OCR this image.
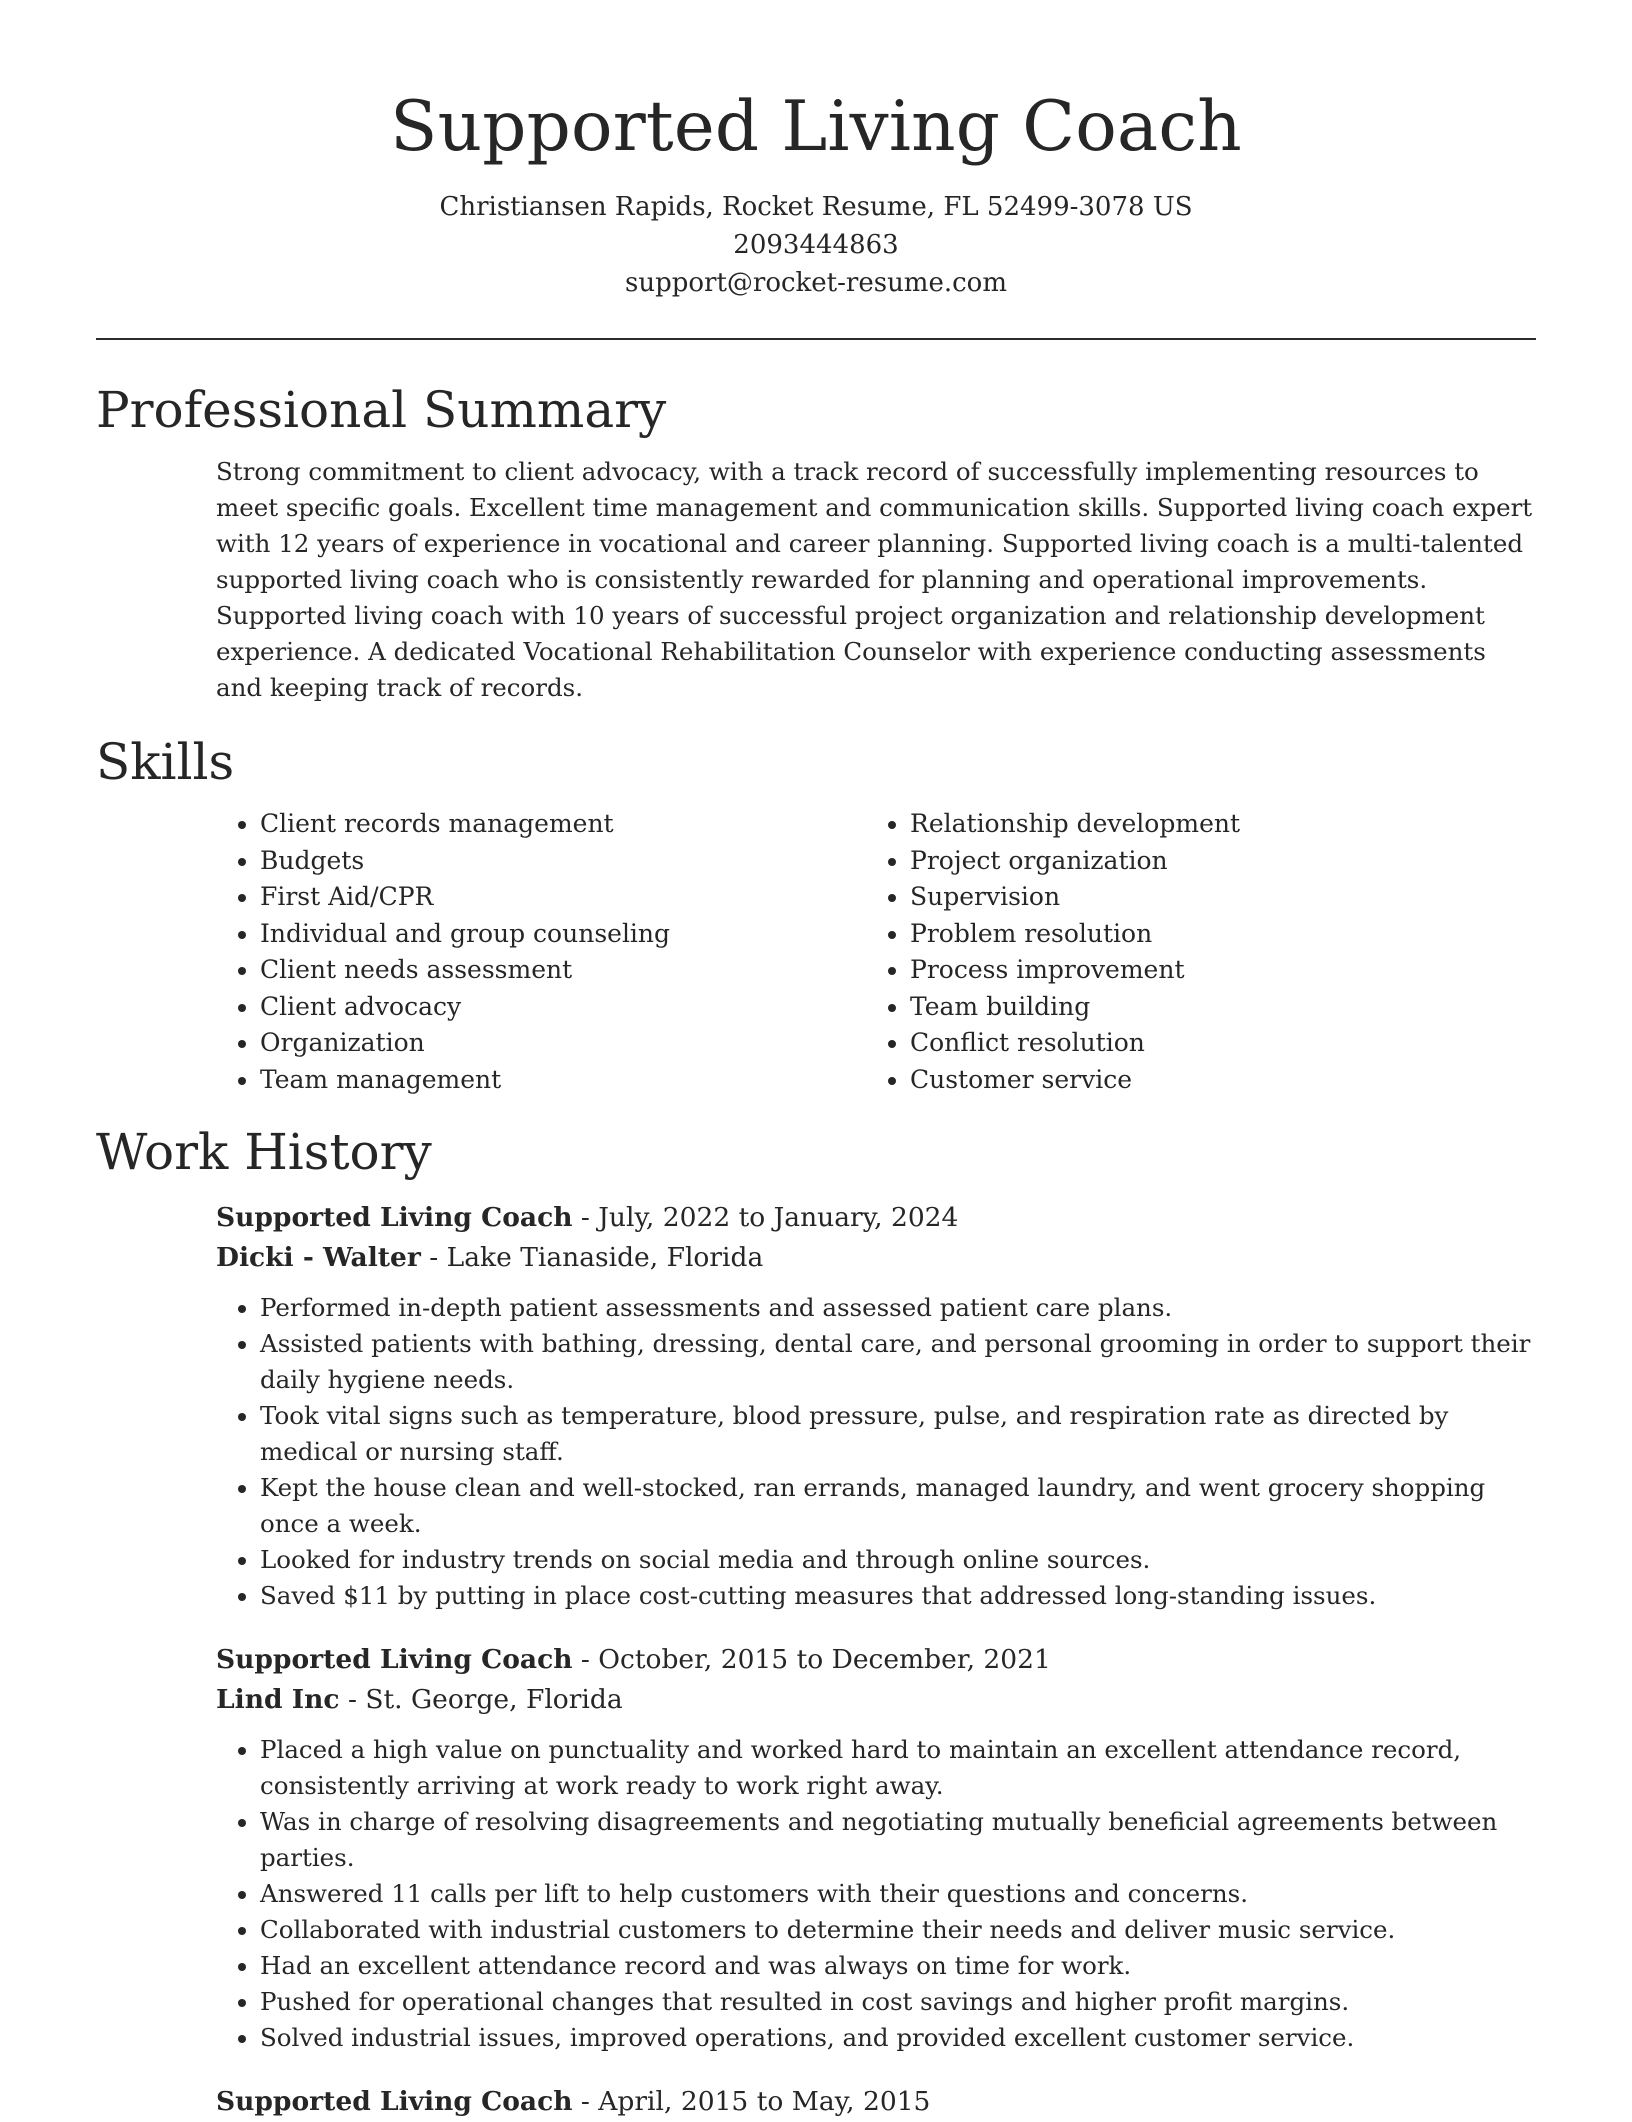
Supported Living Coach

Christiansen Rapids, Rocket Resume, FL 52499-3078 US

2093444863

support@rocket-resume.com

Professional Summary

Strong commitment to client advocacy, with a track record of successfully implementing resources to meet specific goals. Excellent time management and communication skills. Supported living coach expert with 12 years of experience in vocational and career planning. Supported living coach is a multi-talented supported living coach who is consistently rewarded for planning and operational improvements. Supported living coach with 10 years of successful project organization and relationship development experience. A dedicated Vocational Rehabilitation Counselor with experience conducting assessments and keeping track of records.

Skills
• Client records management
• Budgets
• First Aid/CPR
• Individual and group counseling
• Client needs assessment
• Client advocacy
• Organization
• Team management
• Relationship development
• Project organization
• Supervision
• Problem resolution
• Process improvement
• Team building
• Conflict resolution
• Customer service
Work History

Supported Living Coach - July, 2022 to January, 2024

Dicki - Walter - Lake Tianaside, Florida

• Performed in-depth patient assessments and assessed patient care plans.
• Assisted patients with bathing, dressing, dental care, and personal grooming in order to support their daily hygiene needs.
• Took vital signs such as temperature, blood pressure, pulse, and respiration rate as directed by medical or nursing staff.
• Kept the house clean and well-stocked, ran errands, managed laundry, and went grocery shopping once a week.
• Looked for industry trends on social media and through online sources.
• Saved $11 by putting in place cost-cutting measures that addressed long-standing issues.

Supported Living Coach - October, 2015 to December, 2021

Lind Inc - St. George, Florida

• Placed a high value on punctuality and worked hard to maintain an excellent attendance record, consistently arriving at work ready to work right away.
• Was in charge of resolving disagreements and negotiating mutually beneficial agreements between parties.
• Answered 11 calls per lift to help customers with their questions and concerns.
• Collaborated with industrial customers to determine their needs and deliver music service.
• Had an excellent attendance record and was always on time for work.
• Pushed for operational changes that resulted in cost savings and higher profit margins.
• Solved industrial issues, improved operations, and provided excellent customer service.

Supported Living Coach - April, 2015 to May, 2015
